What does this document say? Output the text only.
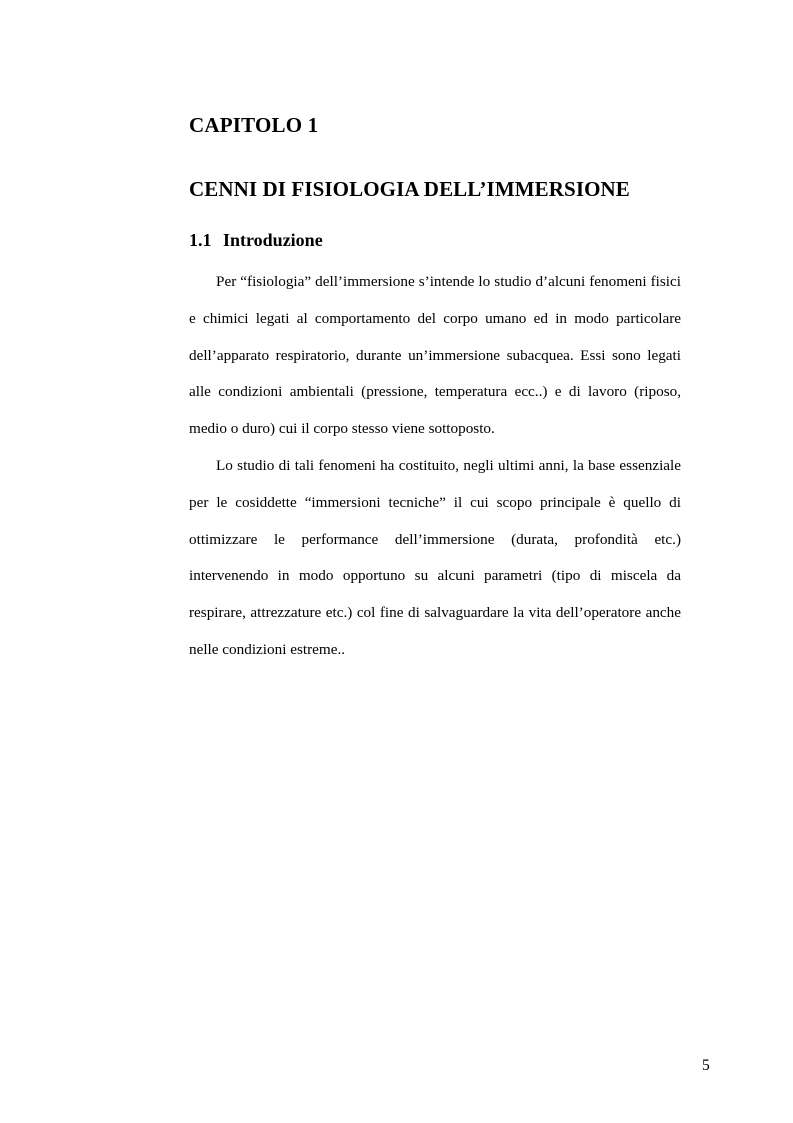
CAPITOLO 1
CENNI DI FISIOLOGIA DELL’IMMERSIONE
1.1 Introduzione

Per “fisiologia” dell’immersione s’intende lo studio d’alcuni fenomeni fisici e chimici legati al comportamento del corpo umano ed in modo particolare dell’apparato respiratorio, durante un’immersione subacquea. Essi sono legati alle condizioni ambientali (pressione, temperatura ecc..) e di lavoro (riposo, medio o duro) cui il corpo stesso viene sottoposto.

Lo studio di tali fenomeni ha costituito, negli ultimi anni, la base essenziale per le cosiddette “immersioni tecniche” il cui scopo principale è quello di ottimizzare le performance dell’immersione (durata, profondità etc.) intervenendo in modo opportuno su alcuni parametri (tipo di miscela da respirare, attrezzature etc.) col fine di salvaguardare la vita dell’operatore anche nelle condizioni estreme..

5
